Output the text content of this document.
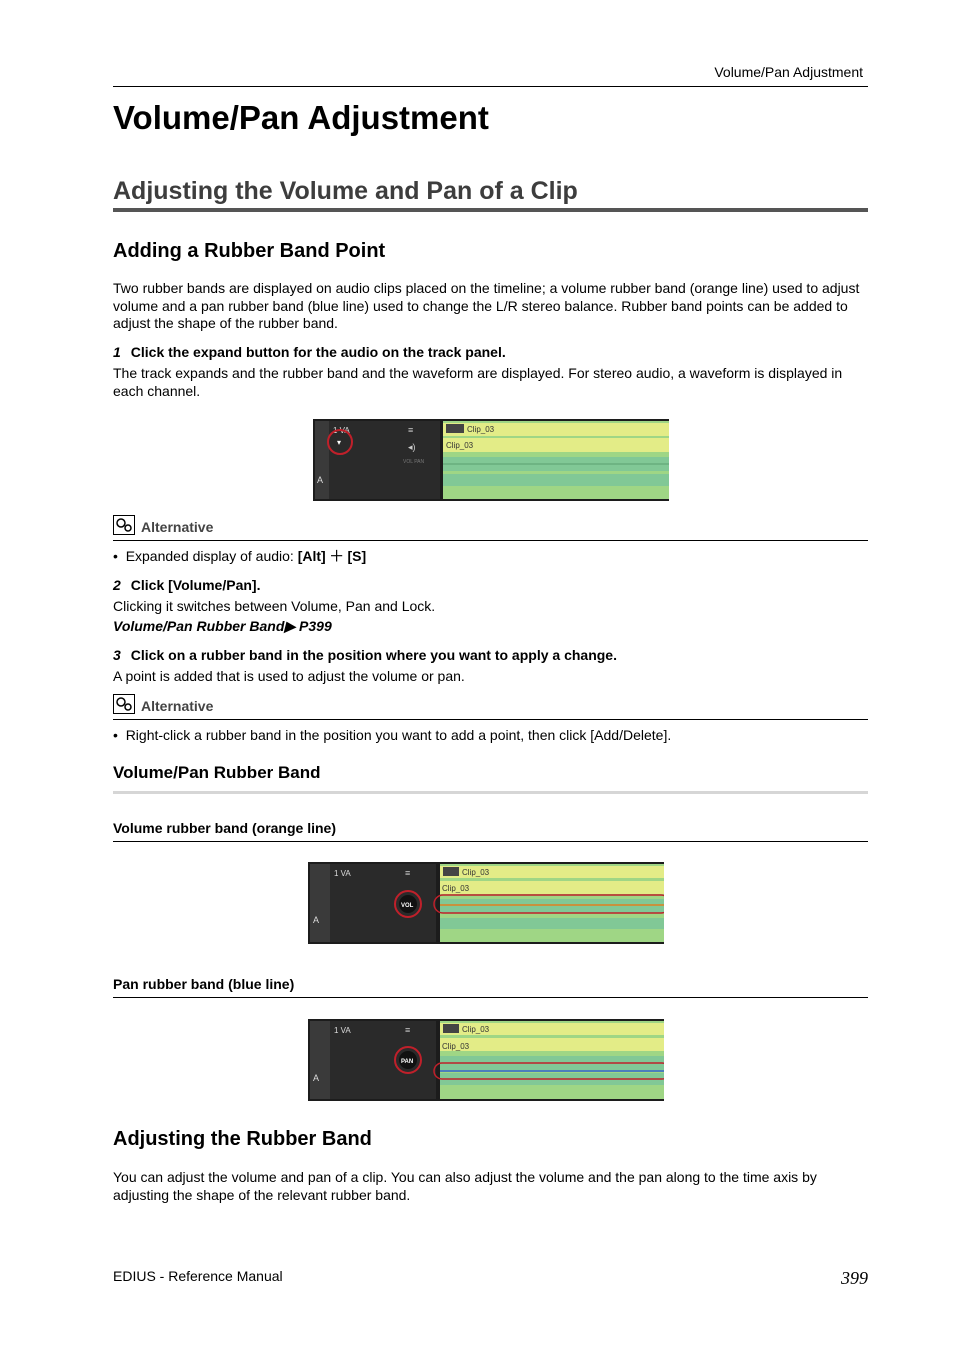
Volume/Pan Adjustment
Volume/Pan Adjustment
Adjusting the Volume and Pan of a Clip
Adding a Rubber Band Point
Two rubber bands are displayed on audio clips placed on the timeline; a volume rubber band (orange line) used to adjust volume and a pan rubber band (blue line) used to change the L/R stereo balance. Rubber band points can be added to adjust the shape of the rubber band.
1 Click the expand button for the audio on the track panel.
The track expands and the rubber band and the waveform are displayed. For stereo audio, a waveform is displayed in each channel.
1 VA	≡
◂)
VOL PAN
Clip_03
Clip_03
▾
A
Alternative
•  Expanded display of audio: [Alt] ＋ [S]
2 Click [Volume/Pan].
Clicking it switches between Volume, Pan and Lock.
Volume/Pan Rubber Band▶ P399
3 Click on a rubber band in the position where you want to apply a change.
A point is added that is used to adjust the volume or pan.
Alternative
•  Right-click a rubber band in the position you want to add a point, then click [Add/Delete].
Volume/Pan Rubber Band
Volume rubber band (orange line)
1 VA	≡	Clip_03
Clip_03
VOL
A
Pan rubber band (blue line)
1 VA	≡	Clip_03
Clip_03
PAN
A
Adjusting the Rubber Band
You can adjust the volume and pan of a clip. You can also adjust the volume and the pan along to the time axis by adjusting the shape of the relevant rubber band.
EDIUS - Reference Manual	399
